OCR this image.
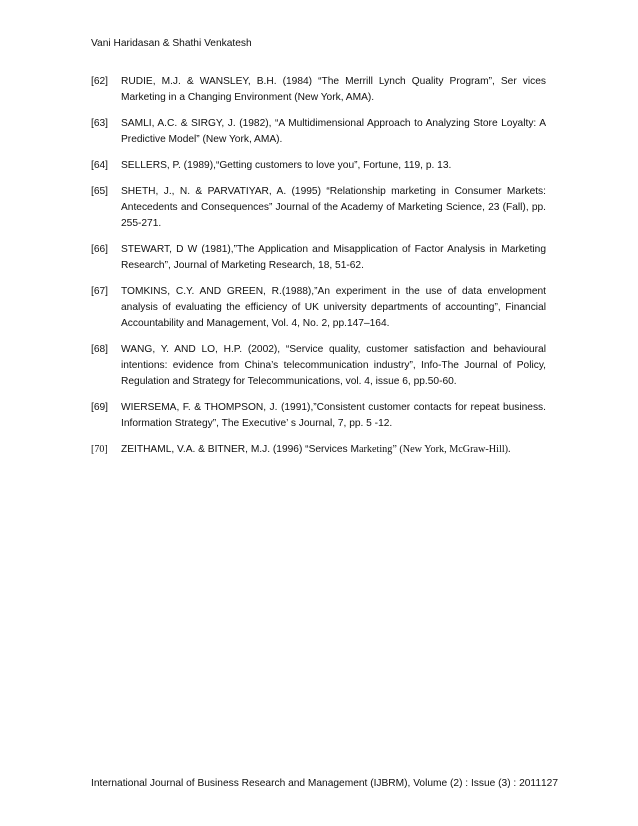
Vani Haridasan & Shathi Venkatesh
[62]	RUDIE, M.J. & WANSLEY, B.H. (1984) “The Merrill Lynch Quality Program”, Ser vices Marketing in a Changing Environment (New York, AMA).
[63]	SAMLI, A.C. & SIRGY, J. (1982), “A Multidimensional Approach to Analyzing Store Loyalty: A Predictive Model” (New York, AMA).
[64]	SELLERS, P. (1989),“Getting customers to love you”, Fortune, 119, p. 13.
[65]	SHETH, J., N. & PARVATIYAR, A. (1995) “Relationship marketing in Consumer Markets: Antecedents and Consequences” Journal of the Academy of Marketing Science, 23 (Fall), pp. 255-271.
[66]	STEWART, D W (1981),”The Application and Misapplication of Factor Analysis in Marketing Research”, Journal of Marketing Research, 18, 51-62.
[67]	TOMKINS, C.Y. AND GREEN, R.(1988),”An experiment in the use of data envelopment analysis of evaluating the efficiency of UK university departments of accounting”, Financial Accountability and Management, Vol. 4, No. 2, pp.147–164.
[68]	WANG, Y. AND LO, H.P. (2002), “Service quality, customer satisfaction and behavioural intentions: evidence from China’s telecommunication industry”, Info-The Journal of Policy, Regulation and Strategy for Telecommunications, vol. 4, issue 6, pp.50-60.
[69]	WIERSEMA, F. & THOMPSON, J. (1991),”Consistent customer contacts for repeat business. Information Strategy”, The Executive’ s Journal, 7, pp. 5 -12.
[70]	ZEITHAML, V.A. & BITNER, M.J. (1996) “Services Marketing” (New York, McGraw-Hill).
International Journal of Business Research and Management (IJBRM), Volume (2) : Issue (3) : 2011 127
